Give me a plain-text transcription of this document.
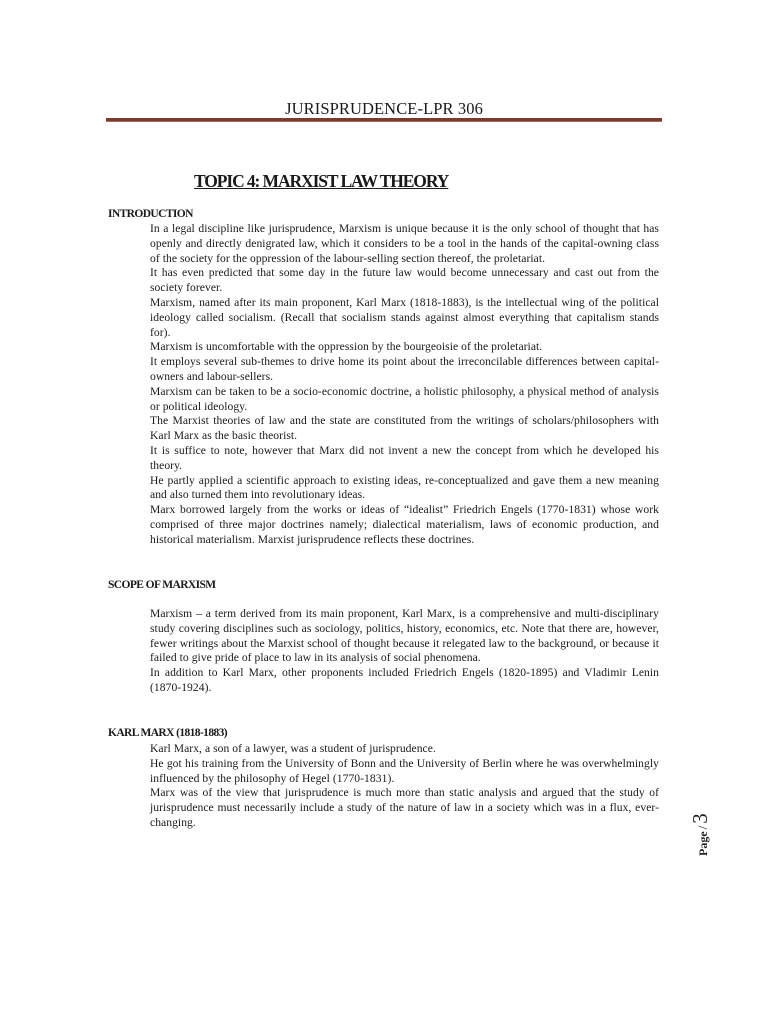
JURISPRUDENCE-LPR 306
TOPIC 4: MARXIST LAW THEORY
INTRODUCTION

In a legal discipline like jurisprudence, Marxism is unique because it is the only school of thought that has openly and directly denigrated law, which it considers to be a tool in the hands of the capital-owning class of the society for the oppression of the labour-selling section thereof, the proletariat.

It has even predicted that some day in the future law would become unnecessary and cast out from the society forever.

Marxism, named after its main proponent, Karl Marx (1818-1883), is the intellectual wing of the political ideology called socialism. (Recall that socialism stands against almost everything that capitalism stands for).

Marxism is uncomfortable with the oppression by the bourgeoisie of the proletariat.

It employs several sub-themes to drive home its point about the irreconcilable differences between capital-owners and labour-sellers.

Marxism can be taken to be a socio-economic doctrine, a holistic philosophy, a physical method of analysis or political ideology.

The Marxist theories of law and the state are constituted from the writings of scholars/philosophers with Karl Marx as the basic theorist.

It is suffice to note, however that Marx did not invent a new the concept from which he developed his theory.

He partly applied a scientific approach to existing ideas, re-conceptualized and gave them a new meaning and also turned them into revolutionary ideas.

Marx borrowed largely from the works or ideas of “idealist” Friedrich Engels (1770-1831) whose work comprised of three major doctrines namely; dialectical materialism, laws of economic production, and historical materialism. Marxist jurisprudence reflects these doctrines.

SCOPE OF MARXISM

Marxism – a term derived from its main proponent, Karl Marx, is a comprehensive and multi-disciplinary study covering disciplines such as sociology, politics, history, economics, etc. Note that there are, however, fewer writings about the Marxist school of thought because it relegated law to the background, or because it failed to give pride of place to law in its analysis of social phenomena.

In addition to Karl Marx, other proponents included Friedrich Engels (1820-1895) and Vladimir Lenin (1870-1924).

KARL MARX (1818-1883)

Karl Marx, a son of a lawyer, was a student of jurisprudence.

He got his training from the University of Bonn and the University of Berlin where he was overwhelmingly influenced by the philosophy of Hegel (1770-1831).

Marx was of the view that jurisprudence is much more than static analysis and argued that the study of jurisprudence must necessarily include a study of the nature of law in a society which was in a flux, ever-changing.

Page/3
